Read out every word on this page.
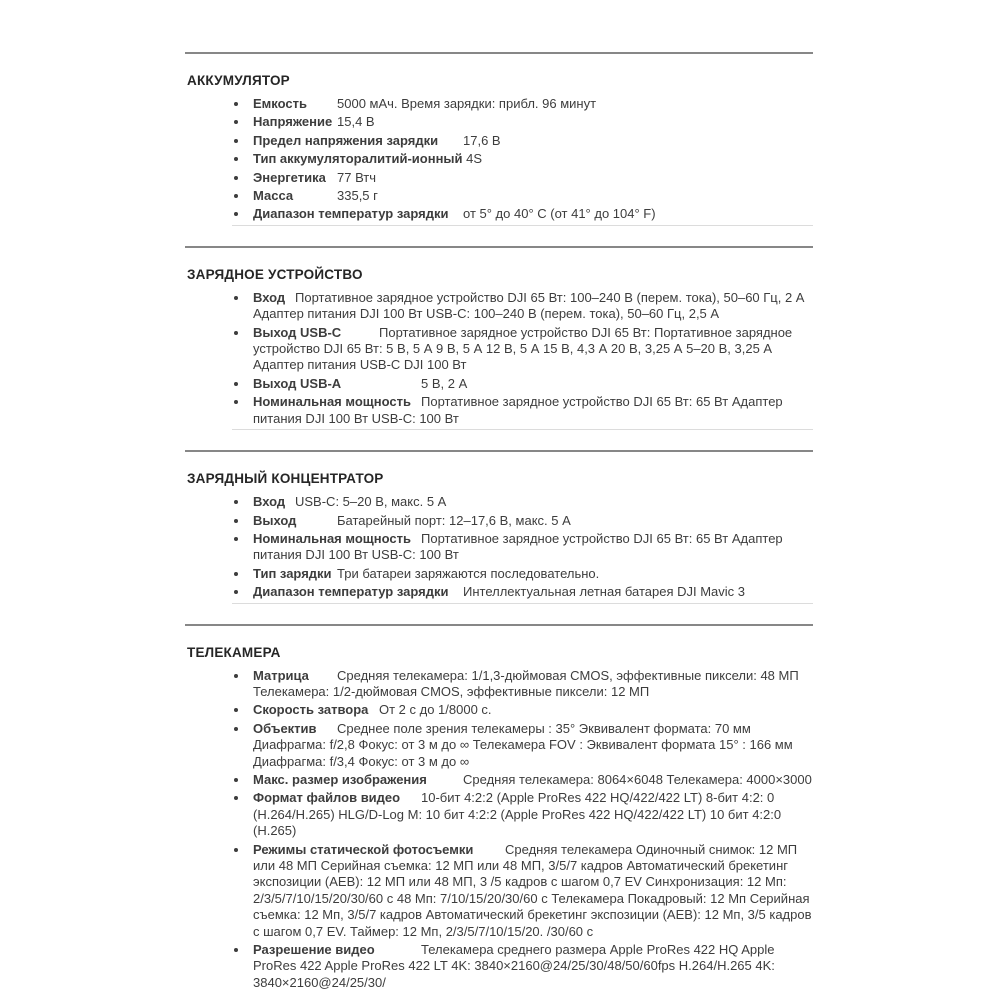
АККУМУЛЯТОР
Емкость	5000 мАч. Время зарядки: прибл. 96 минут
Напряжение	15,4 В
Предел напряжения зарядки	17,6 В
Тип аккумуляторалитий-ионный 4S
Энергетика	77 Втч
Масса		335,5 г
Диапазон температур зарядки	от 5° до 40° C (от 41° до 104° F)
ЗАРЯДНОЕ УСТРОЙСТВО
Вход	Портативное зарядное устройство DJI 65 Вт: 100–240 В (перем. тока), 50–60 Гц, 2 А Адаптер питания DJI 100 Вт USB-C: 100–240 В (перем. тока), 50–60 Гц, 2,5 А
Выход USB-C	Портативное зарядное устройство DJI 65 Вт: Портативное зарядное устройство DJI 65 Вт: 5 В, 5 А 9 В, 5 А 12 В, 5 А 15 В, 4,3 А 20 В, 3,25 А 5–20 В, 3,25 А Адаптер питания USB-C DJI 100 Вт
Выход USB-A		5 В, 2 А
Номинальная мощность	Портативное зарядное устройство DJI 65 Вт: 65 Вт Адаптер питания DJI 100 Вт USB-C: 100 Вт
ЗАРЯДНЫЙ КОНЦЕНТРАТОР
Вход	USB-C: 5–20 В, макс. 5 А
Выход	Батарейный порт: 12–17,6 В, макс. 5 А
Номинальная мощность	Портативное зарядное устройство DJI 65 Вт: 65 Вт Адаптер питания DJI 100 Вт USB-C: 100 Вт
Тип зарядки	Три батареи заряжаются последовательно.
Диапазон температур зарядки	Интеллектуальная летная батарея DJI Mavic 3
ТЕЛЕКАМЕРА
Матрица	Средняя телекамера: 1/1,3-дюймовая CMOS, эффективные пиксели: 48 МП Телекамера: 1/2-дюймовая CMOS, эффективные пиксели: 12 МП
Скорость затвора	От 2 с до 1/8000 с.
Объектив	Среднее поле зрения телекамеры : 35° Эквивалент формата: 70 мм Диафрагма: f/2,8 Фокус: от 3 м до ∞ Телекамера FOV : Эквивалент формата 15° : 166 мм Диафрагма: f/3,4 Фокус: от 3 м до ∞
Макс. размер изображения	Средняя телекамера: 8064×6048 Телекамера: 4000×3000
Формат файлов видео	10-бит 4:2:2 (Apple ProRes 422 HQ/422/422 LT) 8-бит 4:2: 0 (H.264/H.265) HLG/D-Log M: 10 бит 4:2:2 (Apple ProRes 422 HQ/422/422 LT) 10 бит 4:2:0 (H.265)
Режимы статической фотосъемки	Средняя телекамера Одиночный снимок: 12 МП или 48 МП Серийная съемка: 12 МП или 48 МП, 3/5/7 кадров Автоматический брекетинг экспозиции (AEB): 12 МП или 48 МП, 3 /5 кадров с шагом 0,7 EV Синхронизация: 12 Мп: 2/3/5/7/10/15/20/30/60 с 48 Мп: 7/10/15/20/30/60 с Телекамера Покадровый: 12 Мп Серийная съемка: 12 Мп, 3/5/7 кадров Автоматический брекетинг экспозиции (AEB): 12 Мп, 3/5 кадров с шагом 0,7 EV. Таймер: 12 Мп, 2/3/5/7/10/15/20. /30/60 с
Разрешение видео		Телекамера среднего размера Apple ProRes 422 HQ Apple ProRes 422 Apple ProRes 422 LT 4K: 3840×2160@24/25/30/48/50/60fps H.264/H.265 4K: 3840×2160@24/25/30/
